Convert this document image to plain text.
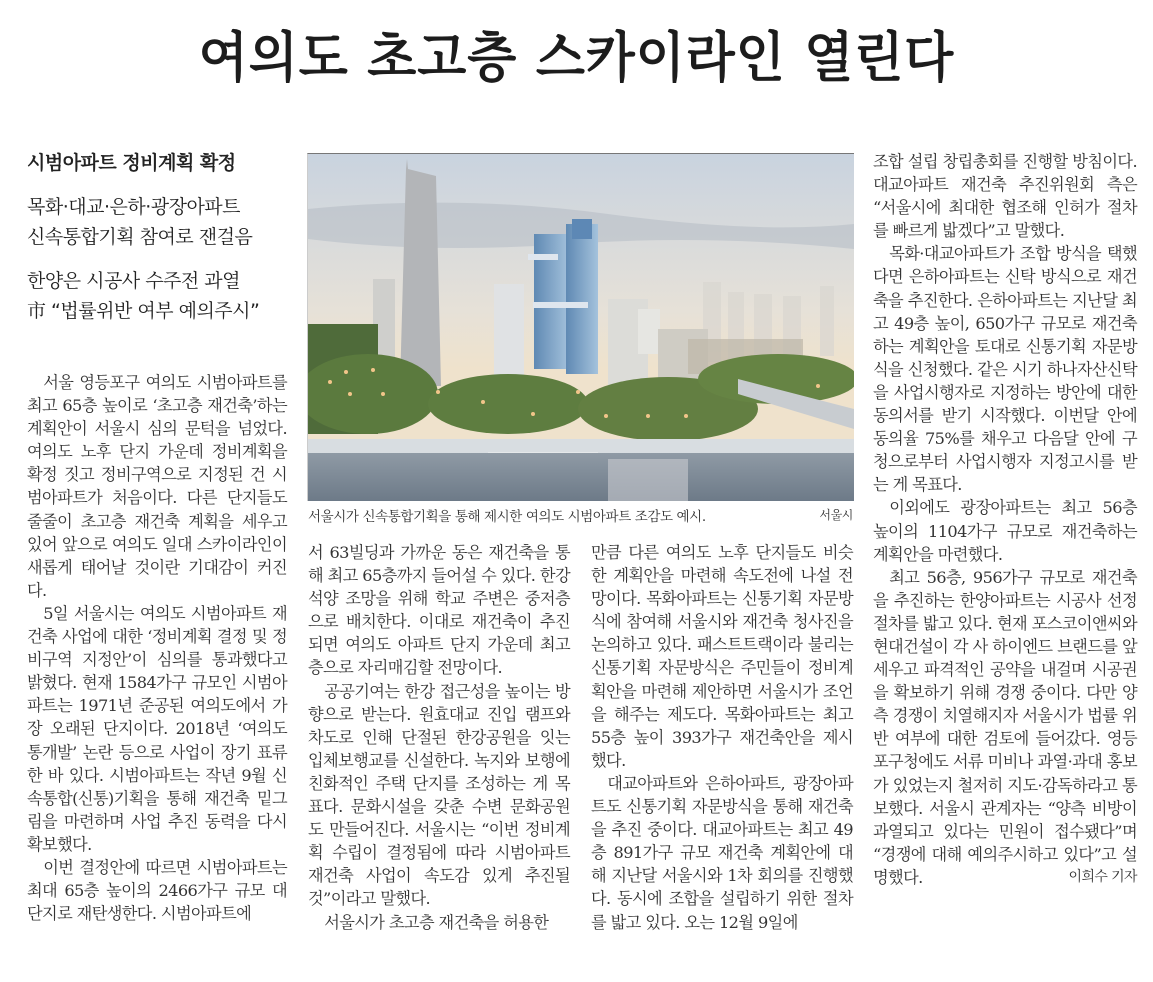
여의도 초고층 스카이라인 열린다
시범아파트 정비계획 확정
목화·대교·은하·광장아파트
신속통합기획 참여로 잰걸음
한양은 시공사 수주전 과열
市 “법률위반 여부 예의주시”

서울 영등포구 여의도 시범아파트를 최고 65층 높이로 ‘초고층 재건축’하는 계획안이 서울시 심의 문턱을 넘었다. 여의도 노후 단지 가운데 정비계획을 확정 짓고 정비구역으로 지정된 건 시범아파트가 처음이다. 다른 단지들도 줄줄이 초고층 재건축 계획을 세우고 있어 앞으로 여의도 일대 스카이라인이 새롭게 태어날 것이란 기대감이 커진다.

5일 서울시는 여의도 시범아파트 재건축 사업에 대한 ‘정비계획 결정 및 정비구역 지정안’이 심의를 통과했다고 밝혔다. 현재 1584가구 규모인 시범아파트는 1971년 준공된 여의도에서 가장 오래된 단지이다. 2018년 ‘여의도 통개발’ 논란 등으로 사업이 장기 표류한 바 있다. 시범아파트는 작년 9월 신속통합(신통)기획을 통해 재건축 밑그림을 마련하며 사업 추진 동력을 다시 확보했다.

이번 결정안에 따르면 시범아파트는 최대 65층 높이의 2466가구 규모 대단지로 재탄생한다. 시범아파트에

서울시가 신속통합기획을 통해 제시한 여의도 시범아파트 조감도 예시.	서울시

서 63빌딩과 가까운 동은 재건축을 통해 최고 65층까지 들어설 수 있다. 한강 석양 조망을 위해 학교 주변은 중저층으로 배치한다. 이대로 재건축이 추진되면 여의도 아파트 단지 가운데 최고층으로 자리매김할 전망이다.

공공기여는 한강 접근성을 높이는 방향으로 받는다. 원효대교 진입 램프와 차도로 인해 단절된 한강공원을 잇는 입체보행교를 신설한다. 녹지와 보행에 친화적인 주택 단지를 조성하는 게 목표다. 문화시설을 갖춘 수변 문화공원도 만들어진다. 서울시는 “이번 정비계획 수립이 결정됨에 따라 시범아파트 재건축 사업이 속도감 있게 추진될 것”이라고 말했다.

서울시가 초고층 재건축을 허용한

만큼 다른 여의도 노후 단지들도 비슷한 계획안을 마련해 속도전에 나설 전망이다. 목화아파트는 신통기획 자문방식에 참여해 서울시와 재건축 청사진을 논의하고 있다. 패스트트랙이라 불리는 신통기획 자문방식은 주민들이 정비계획안을 마련해 제안하면 서울시가 조언을 해주는 제도다. 목화아파트는 최고 55층 높이 393가구 재건축안을 제시했다.

대교아파트와 은하아파트, 광장아파트도 신통기획 자문방식을 통해 재건축을 추진 중이다. 대교아파트는 최고 49층 891가구 규모 재건축 계획안에 대해 지난달 서울시와 1차 회의를 진행했다. 동시에 조합을 설립하기 위한 절차를 밟고 있다. 오는 12월 9일에

조합 설립 창립총회를 진행할 방침이다. 대교아파트 재건축 추진위원회 측은 “서울시에 최대한 협조해 인허가 절차를 빠르게 밟겠다”고 말했다.

목화·대교아파트가 조합 방식을 택했다면 은하아파트는 신탁 방식으로 재건축을 추진한다. 은하아파트는 지난달 최고 49층 높이, 650가구 규모로 재건축하는 계획안을 토대로 신통기획 자문방식을 신청했다. 같은 시기 하나자산신탁을 사업시행자로 지정하는 방안에 대한 동의서를 받기 시작했다. 이번달 안에 동의율 75%를 채우고 다음달 안에 구청으로부터 사업시행자 지정고시를 받는 게 목표다.

이외에도 광장아파트는 최고 56층 높이의 1104가구 규모로 재건축하는 계획안을 마련했다.

최고 56층, 956가구 규모로 재건축을 추진하는 한양아파트는 시공사 선정 절차를 밟고 있다. 현재 포스코이앤씨와 현대건설이 각 사 하이엔드 브랜드를 앞세우고 파격적인 공약을 내걸며 시공권을 확보하기 위해 경쟁 중이다. 다만 양측 경쟁이 치열해지자 서울시가 법률 위반 여부에 대한 검토에 들어갔다. 영등포구청에도 서류 미비나 과열·과대 홍보가 있었는지 철저히 지도·감독하라고 통보했다. 서울시 관계자는 “양측 비방이 과열되고 있다는 민원이 접수됐다”며 “경쟁에 대해 예의주시하고 있다”고 설명했다.	이희수 기자
